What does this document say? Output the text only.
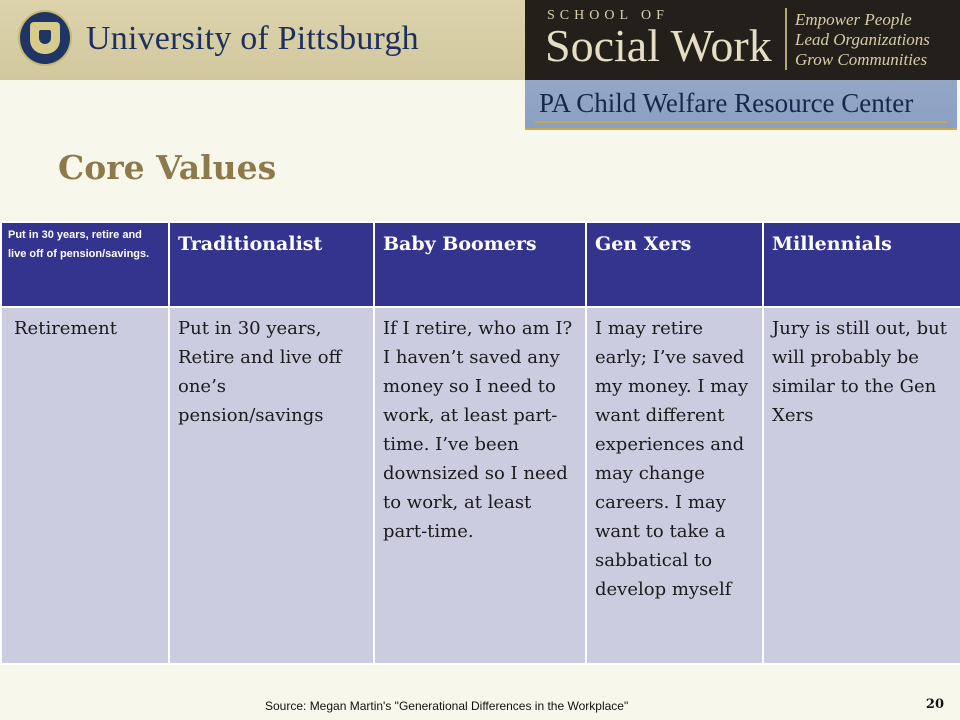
University of Pittsburgh
SCHOOL OF
Social Work
Empower People
Lead Organizations
Grow Communities
PA Child Welfare Resource Center
Core Values
Put in 30 years, retire and live off of pension/savings.	Traditionalist	Baby Boomers	Gen Xers	Millennials
Retirement	Put in 30 years, Retire and live off one’s pension/savings	If I retire, who am I? I haven’t saved any money so I need to work, at least part-time. I’ve been downsized so I need to work, at least part-time.	I may retire early; I’ve saved my money. I may want different experiences and may change careers. I may want to take a sabbatical to develop myself	Jury is still out, but will probably be similar to the Gen Xers
Source: Megan Martin's "Generational Differences in the Workplace"	20
